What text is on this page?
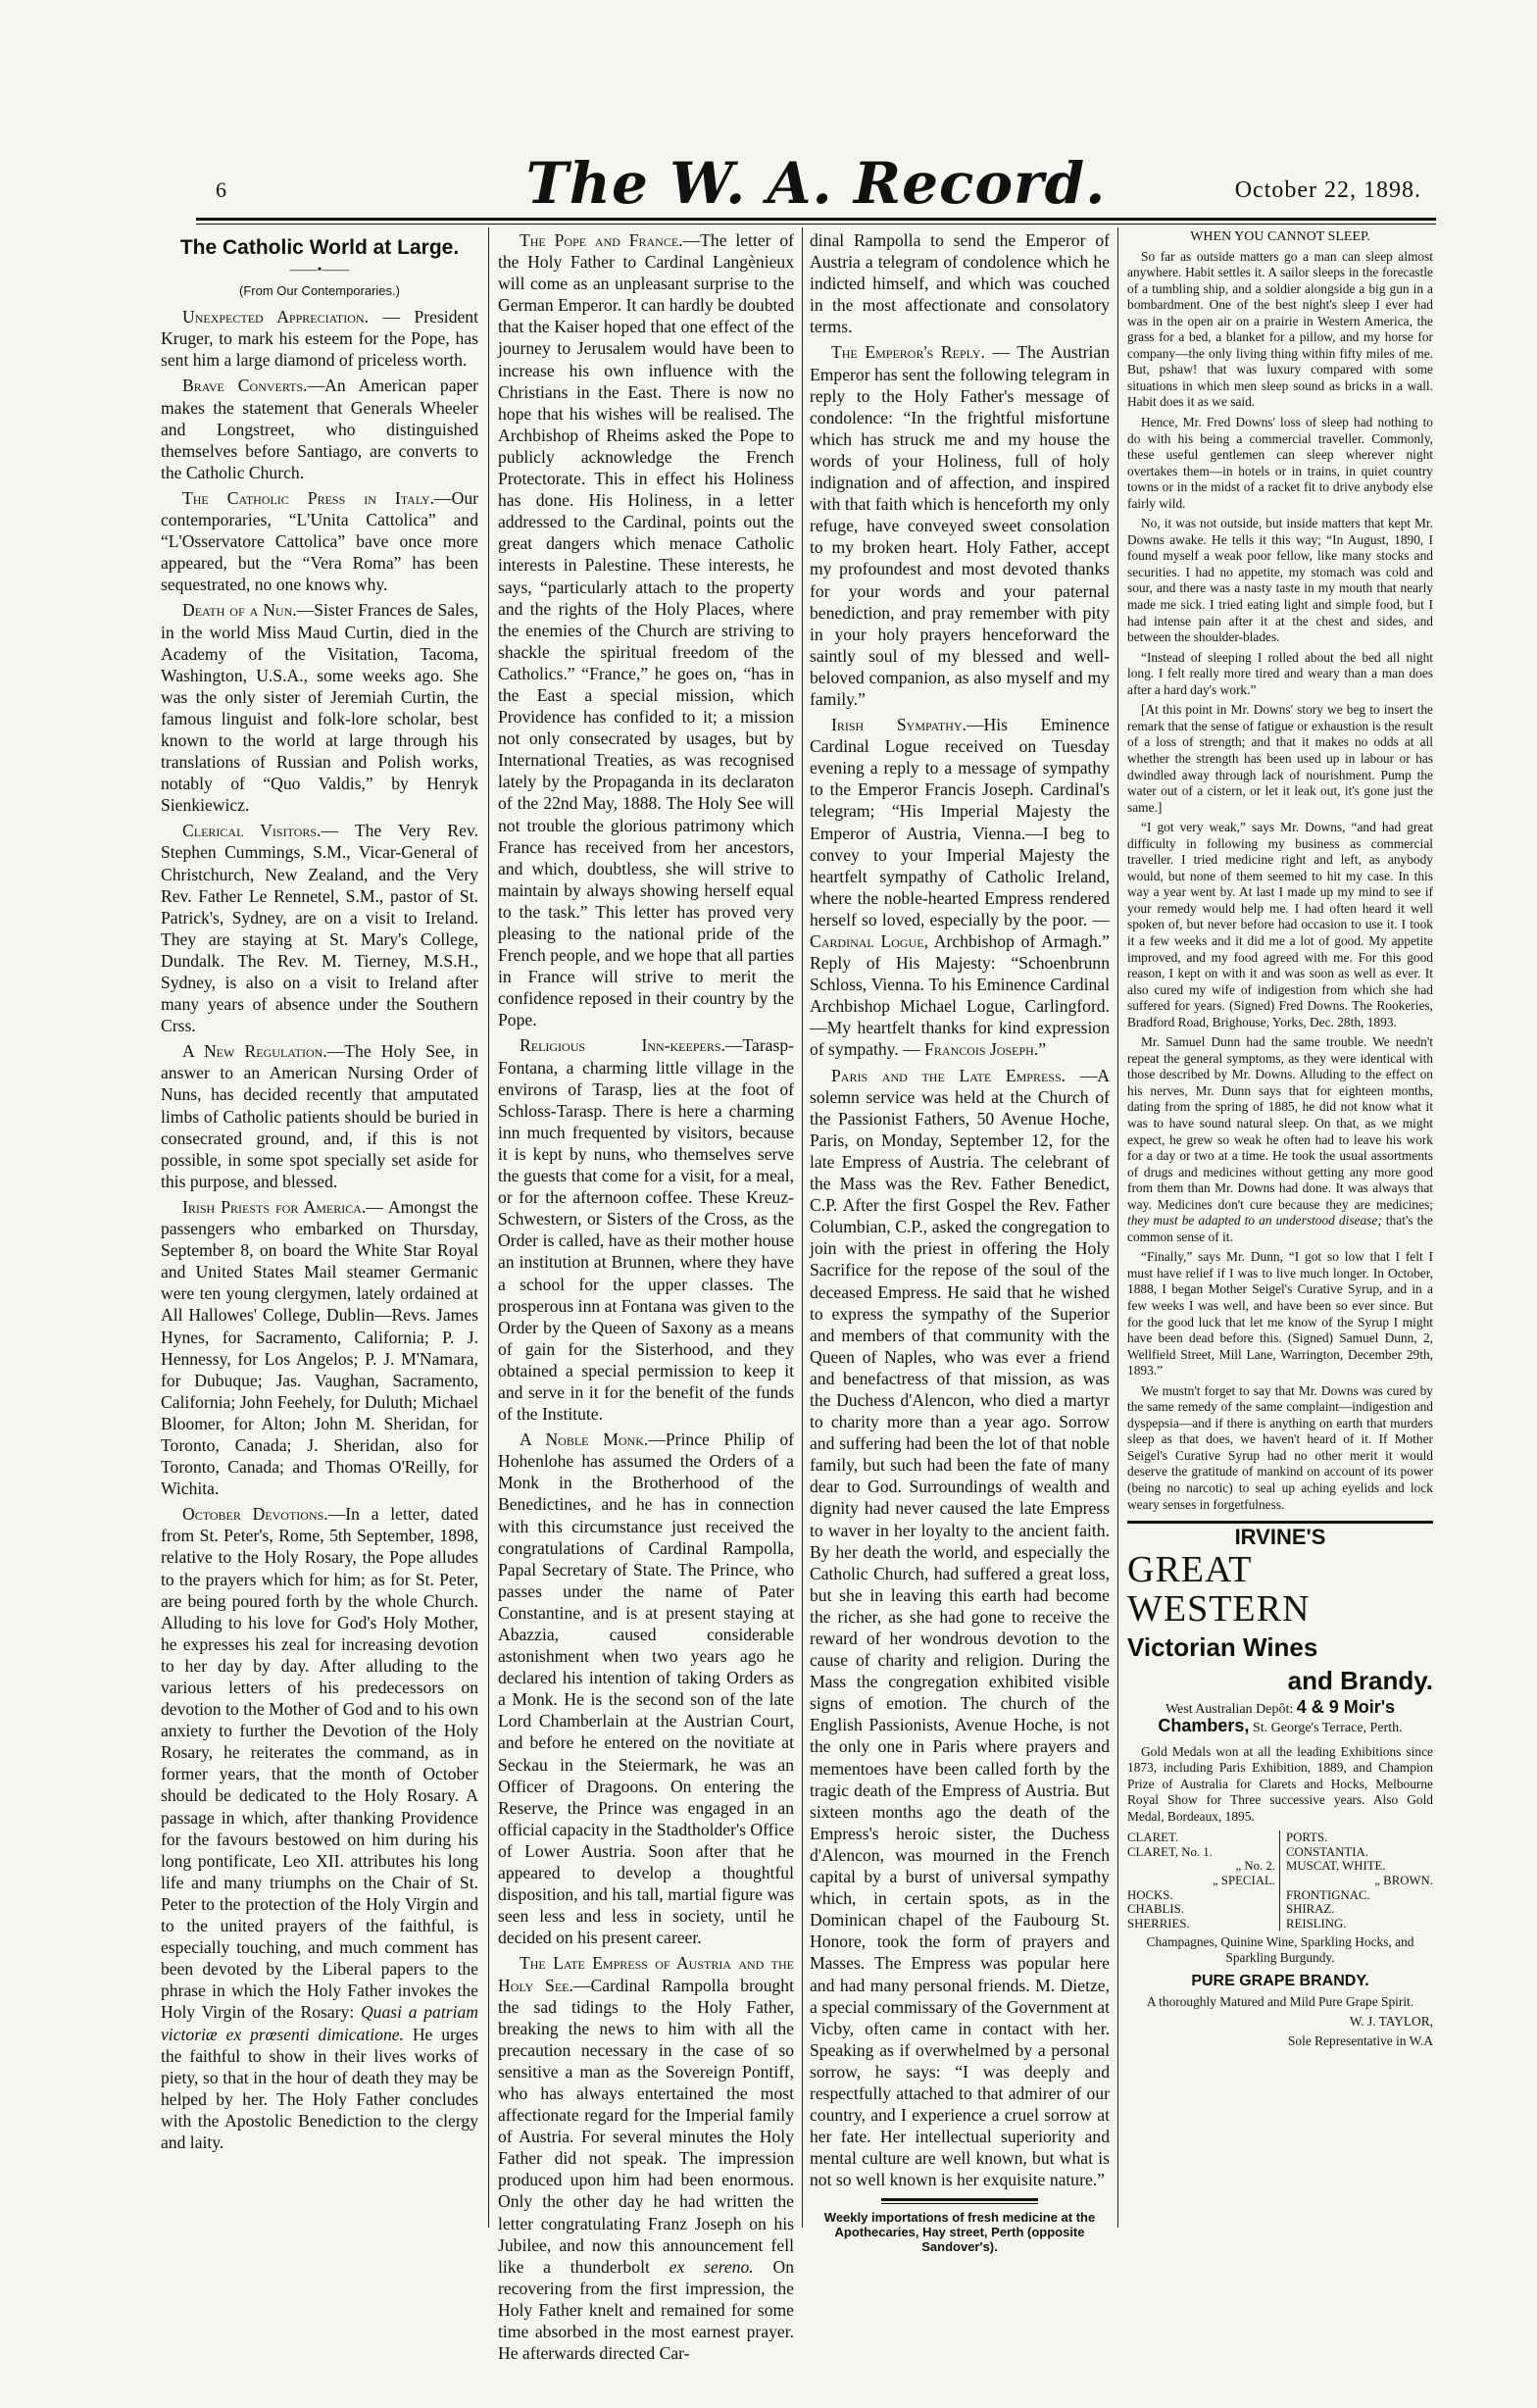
6	The W. A. Record.	October 22, 1898.

The Catholic World at Large.

——•——

(From Our Contemporaries.)

Unexpected Appreciation. — President Kruger, to mark his esteem for the Pope, has sent him a large diamond of priceless worth.

Brave Converts.—An American paper makes the statement that Generals Wheeler and Longstreet, who distinguished themselves before Santiago, are converts to the Catholic Church.

The Catholic Press in Italy.—Our contemporaries, “L'Unita Cattolica” and “L'Osservatore Cattolica” bave once more appeared, but the “Vera Roma” has been sequestrated, no one knows why.

Death of a Nun.—Sister Frances de Sales, in the world Miss Maud Curtin, died in the Academy of the Visitation, Tacoma, Washington, U.S.A., some weeks ago. She was the only sister of Jeremiah Curtin, the famous linguist and folk-lore scholar, best known to the world at large through his translations of Russian and Polish works, notably of “Quo Valdis,” by Henryk Sienkiewicz.

Clerical Visitors.— The Very Rev. Stephen Cummings, S.M., Vicar-General of Christchurch, New Zealand, and the Very Rev. Father Le Rennetel, S.M., pastor of St. Patrick's, Sydney, are on a visit to Ireland. They are staying at St. Mary's College, Dundalk. The Rev. M. Tierney, M.S.H., Sydney, is also on a visit to Ireland after many years of absence under the Southern Crss.

A New Regulation.—The Holy See, in answer to an American Nursing Order of Nuns, has decided recently that amputated limbs of Catholic patients should be buried in consecrated ground, and, if this is not possible, in some spot specially set aside for this purpose, and blessed.

Irish Priests for America.— Amongst the passengers who embarked on Thursday, September 8, on board the White Star Royal and United States Mail steamer Germanic were ten young clergymen, lately ordained at All Hallowes' College, Dublin—Revs. James Hynes, for Sacramento, California; P. J. Hennessy, for Los Angelos; P. J. M'Namara, for Dubuque; Jas. Vaughan, Sacramento, California; John Feehely, for Duluth; Michael Bloomer, for Alton; John M. Sheridan, for Toronto, Canada; J. Sheridan, also for Toronto, Canada; and Thomas O'Reilly, for Wichita.

October Devotions.—In a letter, dated from St. Peter's, Rome, 5th September, 1898, relative to the Holy Rosary, the Pope alludes to the prayers which for him; as for St. Peter, are being poured forth by the whole Church. Alluding to his love for God's Holy Mother, he expresses his zeal for increasing devotion to her day by day. After alluding to the various letters of his predecessors on devotion to the Mother of God and to his own anxiety to further the Devotion of the Holy Rosary, he reiterates the command, as in former years, that the month of October should be dedicated to the Holy Rosary. A passage in which, after thanking Providence for the favours bestowed on him during his long pontificate, Leo XII. attributes his long life and many triumphs on the Chair of St. Peter to the protection of the Holy Virgin and to the united prayers of the faithful, is especially touching, and much comment has been devoted by the Liberal papers to the phrase in which the Holy Father invokes the Holy Virgin of the Rosary: Quasi a patriam victoriæ ex prœsenti dimicatione. He urges the faithful to show in their lives works of piety, so that in the hour of death they may be helped by her. The Holy Father concludes with the Apostolic Benediction to the clergy and laity.

The Pope and France.—The letter of the Holy Father to Cardinal Langènieux will come as an unpleasant surprise to the German Emperor. It can hardly be doubted that the Kaiser hoped that one effect of the journey to Jerusalem would have been to increase his own influence with the Christians in the East. There is now no hope that his wishes will be realised. The Archbishop of Rheims asked the Pope to publicly acknowledge the French Protectorate. This in effect his Holiness has done. His Holiness, in a letter addressed to the Cardinal, points out the great dangers which menace Catholic interests in Palestine. These interests, he says, “particularly attach to the property and the rights of the Holy Places, where the enemies of the Church are striving to shackle the spiritual freedom of the Catholics.” “France,” he goes on, “has in the East a special mission, which Providence has confided to it; a mission not only consecrated by usages, but by International Treaties, as was recognised lately by the Propaganda in its declaraton of the 22nd May, 1888. The Holy See will not trouble the glorious patrimony which France has received from her ancestors, and which, doubtless, she will strive to maintain by always showing herself equal to the task.” This letter has proved very pleasing to the national pride of the French people, and we hope that all parties in France will strive to merit the confidence reposed in their country by the Pope.

Religious Inn-keepers.—Tarasp-Fontana, a charming little village in the environs of Tarasp, lies at the foot of Schloss-Tarasp. There is here a charming inn much frequented by visitors, because it is kept by nuns, who themselves serve the guests that come for a visit, for a meal, or for the afternoon coffee. These Kreuz-Schwestern, or Sisters of the Cross, as the Order is called, have as their mother house an institution at Brunnen, where they have a school for the upper classes. The prosperous inn at Fontana was given to the Order by the Queen of Saxony as a means of gain for the Sisterhood, and they obtained a special permission to keep it and serve in it for the benefit of the funds of the Institute.

A Noble Monk.—Prince Philip of Hohenlohe has assumed the Orders of a Monk in the Brotherhood of the Benedictines, and he has in connection with this circumstance just received the congratulations of Cardinal Rampolla, Papal Secretary of State. The Prince, who passes under the name of Pater Constantine, and is at present staying at Abazzia, caused considerable astonishment when two years ago he declared his intention of taking Orders as a Monk. He is the second son of the late Lord Chamberlain at the Austrian Court, and before he entered on the novitiate at Seckau in the Steiermark, he was an Officer of Dragoons. On entering the Reserve, the Prince was engaged in an official capacity in the Stadtholder's Office of Lower Austria. Soon after that he appeared to develop a thoughtful disposition, and his tall, martial figure was seen less and less in society, until he decided on his present career.

The Late Empress of Austria and the Holy See.—Cardinal Rampolla brought the sad tidings to the Holy Father, breaking the news to him with all the precaution necessary in the case of so sensitive a man as the Sovereign Pontiff, who has always entertained the most affectionate regard for the Imperial family of Austria. For several minutes the Holy Father did not speak. The impression produced upon him had been enormous. Only the other day he had written the letter congratulating Franz Joseph on his Jubilee, and now this announcement fell like a thunderbolt ex sereno. On recovering from the first impression, the Holy Father knelt and remained for some time absorbed in the most earnest prayer. He afterwards directed Car-

dinal Rampolla to send the Emperor of Austria a telegram of condolence which he indicted himself, and which was couched in the most affectionate and consolatory terms.

The Emperor's Reply. — The Austrian Emperor has sent the following telegram in reply to the Holy Father's message of condolence: “In the frightful misfortune which has struck me and my house the words of your Holiness, full of holy indignation and of affection, and inspired with that faith which is henceforth my only refuge, have conveyed sweet consolation to my broken heart. Holy Father, accept my profoundest and most devoted thanks for your words and your paternal benediction, and pray remember with pity in your holy prayers henceforward the saintly soul of my blessed and well-beloved companion, as also myself and my family.”

Irish Sympathy.—His Eminence Cardinal Logue received on Tuesday evening a reply to a message of sympathy to the Emperor Francis Joseph. Cardinal's telegram; “His Imperial Majesty the Emperor of Austria, Vienna.—I beg to convey to your Imperial Majesty the heartfelt sympathy of Catholic Ireland, where the noble-hearted Empress rendered herself so loved, especially by the poor. — Cardinal Logue, Archbishop of Armagh.” Reply of His Majesty: “Schoenbrunn Schloss, Vienna. To his Eminence Cardinal Archbishop Michael Logue, Carlingford.—My heartfelt thanks for kind expression of sympathy. — Francois Joseph.”

Paris and the Late Empress. —A solemn service was held at the Church of the Passionist Fathers, 50 Avenue Hoche, Paris, on Monday, September 12, for the late Empress of Austria. The celebrant of the Mass was the Rev. Father Benedict, C.P. After the first Gospel the Rev. Father Columbian, C.P., asked the congregation to join with the priest in offering the Holy Sacrifice for the repose of the soul of the deceased Empress. He said that he wished to express the sympathy of the Superior and members of that community with the Queen of Naples, who was ever a friend and benefactress of that mission, as was the Duchess d'Alencon, who died a martyr to charity more than a year ago. Sorrow and suffering had been the lot of that noble family, but such had been the fate of many dear to God. Surroundings of wealth and dignity had never caused the late Empress to waver in her loyalty to the ancient faith. By her death the world, and especially the Catholic Church, had suffered a great loss, but she in leaving this earth had become the richer, as she had gone to receive the reward of her wondrous devotion to the cause of charity and religion. During the Mass the congregation exhibited visible signs of emotion. The church of the English Passionists, Avenue Hoche, is not the only one in Paris where prayers and mementoes have been called forth by the tragic death of the Empress of Austria. But sixteen months ago the death of the Empress's heroic sister, the Duchess d'Alencon, was mourned in the French capital by a burst of universal sympathy which, in certain spots, as in the Dominican chapel of the Faubourg St. Honore, took the form of prayers and Masses. The Empress was popular here and had many personal friends. M. Dietze, a special commissary of the Government at Vicby, often came in contact with her. Speaking as if overwhelmed by a personal sorrow, he says: “I was deeply and respectfully attached to that admirer of our country, and I experience a cruel sorrow at her fate. Her intellectual superiority and mental culture are well known, but what is not so well known is her exquisite nature.”

Weekly importations of fresh medicine at the Apothecaries, Hay street, Perth (opposite Sandover's).

WHEN YOU CANNOT SLEEP.

So far as outside matters go a man can sleep almost anywhere. Habit settles it. A sailor sleeps in the forecastle of a tumbling ship, and a soldier alongside a big gun in a bombardment. One of the best night's sleep I ever had was in the open air on a prairie in Western America, the grass for a bed, a blanket for a pillow, and my horse for company—the only living thing within fifty miles of me. But, pshaw! that was luxury compared with some situations in which men sleep sound as bricks in a wall. Habit does it as we said.

Hence, Mr. Fred Downs' loss of sleep had nothing to do with his being a commercial traveller. Commonly, these useful gentlemen can sleep wherever night overtakes them—in hotels or in trains, in quiet country towns or in the midst of a racket fit to drive anybody else fairly wild.

No, it was not outside, but inside matters that kept Mr. Downs awake. He tells it this way; “In August, 1890, I found myself a weak poor fellow, like many stocks and securities. I had no appetite, my stomach was cold and sour, and there was a nasty taste in my mouth that nearly made me sick. I tried eating light and simple food, but I had intense pain after it at the chest and sides, and between the shoulder-blades.

“Instead of sleeping I rolled about the bed all night long. I felt really more tired and weary than a man does after a hard day's work.”

[At this point in Mr. Downs' story we beg to insert the remark that the sense of fatigue or exhaustion is the result of a loss of strength; and that it makes no odds at all whether the strength has been used up in labour or has dwindled away through lack of nourishment. Pump the water out of a cistern, or let it leak out, it's gone just the same.]

“I got very weak,” says Mr. Downs, “and had great difficulty in following my business as commercial traveller. I tried medicine right and left, as anybody would, but none of them seemed to hit my case. In this way a year went by. At last I made up my mind to see if your remedy would help me. I had often heard it well spoken of, but never before had occasion to use it. I took it a few weeks and it did me a lot of good. My appetite improved, and my food agreed with me. For this good reason, I kept on with it and was soon as well as ever. It also cured my wife of indigestion from which she had suffered for years. (Signed) Fred Downs. The Rookeries, Bradford Road, Brighouse, Yorks, Dec. 28th, 1893.

Mr. Samuel Dunn had the same trouble. We needn't repeat the general symptoms, as they were identical with those described by Mr. Downs. Alluding to the effect on his nerves, Mr. Dunn says that for eighteen months, dating from the spring of 1885, he did not know what it was to have sound natural sleep. On that, as we might expect, he grew so weak he often had to leave his work for a day or two at a time. He took the usual assortments of drugs and medicines without getting any more good from them than Mr. Downs had done. It was always that way. Medicines don't cure because they are medicines; they must be adapted to an understood disease; that's the common sense of it.

“Finally,” says Mr. Dunn, “I got so low that I felt I must have relief if I was to live much longer. In October, 1888, I began Mother Seigel's Curative Syrup, and in a few weeks I was well, and have been so ever since. But for the good luck that let me know of the Syrup I might have been dead before this. (Signed) Samuel Dunn, 2, Wellfield Street, Mill Lane, Warrington, December 29th, 1893.”

We mustn't forget to say that Mr. Downs was cured by the same remedy of the same complaint—indigestion and dyspepsia—and if there is anything on earth that murders sleep as that does, we haven't heard of it. If Mother Seigel's Curative Syrup had no other merit it would deserve the gratitude of mankind on account of its power (being no narcotic) to seal up aching eyelids and lock weary senses in forgetfulness.

IRVINE'S

GREAT WESTERN

Victorian Wines

and Brandy.

West Australian Depôt: 4 & 9 Moir's Chambers, St. George's Terrace, Perth.

Gold Medals won at all the leading Exhibitions since 1873, including Paris Exhibition, 1889, and Champion Prize of Australia for Clarets and Hocks, Melbourne Royal Show for Three successive years. Also Gold Medal, Bordeaux, 1895.

CLARET.
CLARET, No. 1.
„ No. 2.
„ SPECIAL.
HOCKS.
CHABLIS.
SHERRIES.
PORTS.
CONSTANTIA.
MUSCAT, WHITE.
„ BROWN.
FRONTIGNAC.
SHIRAZ.
REISLING.

Champagnes, Quinine Wine, Sparkling Hocks, and Sparkling Burgundy.

PURE GRAPE BRANDY.

A thoroughly Matured and Mild Pure Grape Spirit.

W. J. TAYLOR,

Sole Representative in W.A
